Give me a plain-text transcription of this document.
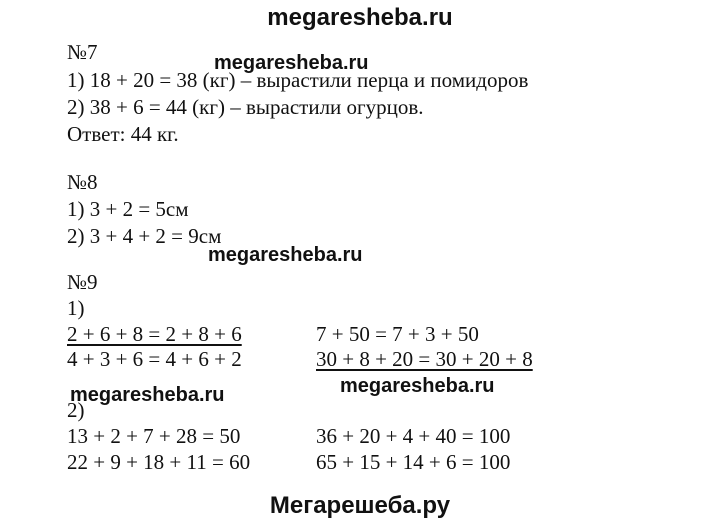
megaresheba.ru
№7	megaresheba.ru
1) 18 + 20 = 38 (кг) – вырастили перца и помидоров
2) 38 + 6 = 44 (кг) – вырастили огурцов.
Ответ: 44 кг.
№8
1) 3 + 2 = 5см
2) 3 + 4 + 2 = 9см
megaresheba.ru
№9
1)
2 + 6 + 8 = 2 + 8 + 6	7 + 50 = 7 + 3 + 50
4 + 3 + 6 = 4 + 6 + 2	30 + 8 + 20 = 30 + 20 + 8
megaresheba.ru
megaresheba.ru
2)
13 + 2 + 7 + 28 = 50	36 + 20 + 4 + 40 = 100
22 + 9 + 18 + 11 = 60	65 + 15 + 14 + 6 = 100
Мегарешеба.ру
